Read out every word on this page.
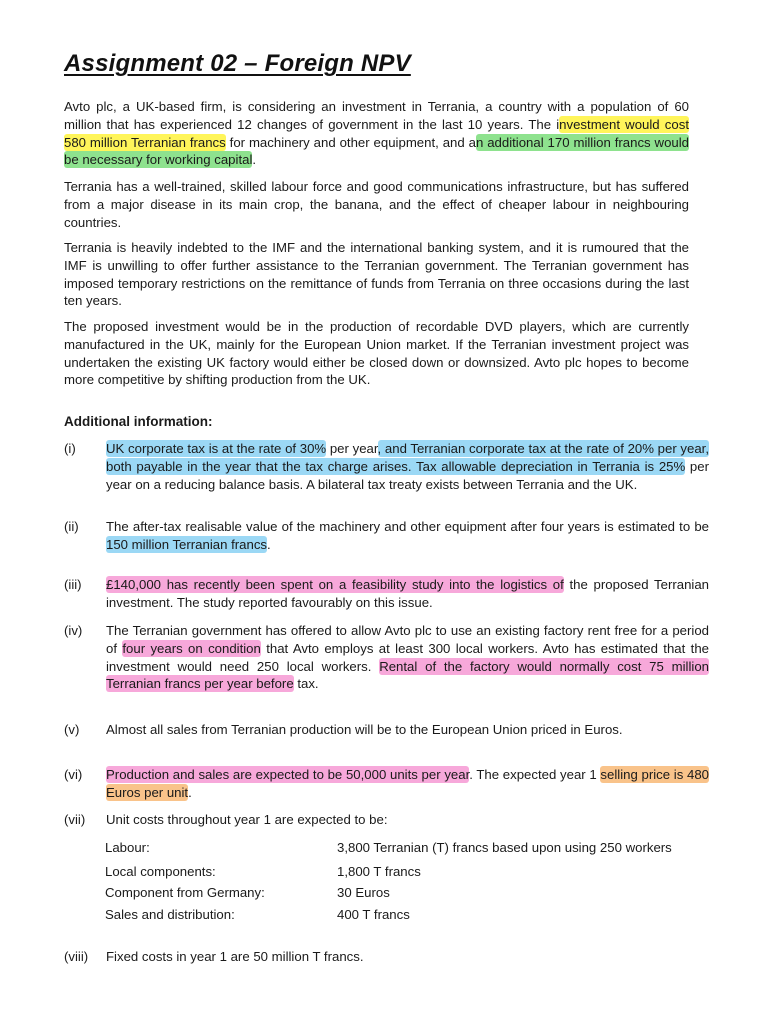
Assignment 02 – Foreign NPV

Avto plc, a UK-based firm, is considering an investment in Terrania, a country with a population of 60 million that has experienced 12 changes of government in the last 10 years. The investment would cost 580 million Terranian francs for machinery and other equipment, and an additional 170 million francs would be necessary for working capital.

Terrania has a well-trained, skilled labour force and good communications infrastructure, but has suffered from a major disease in its main crop, the banana, and the effect of cheaper labour in neighbouring countries.

Terrania is heavily indebted to the IMF and the international banking system, and it is rumoured that the IMF is unwilling to offer further assistance to the Terranian government. The Terranian government has imposed temporary restrictions on the remittance of funds from Terrania on three occasions during the last ten years.

The proposed investment would be in the production of recordable DVD players, which are currently manufactured in the UK, mainly for the European Union market. If the Terranian investment project was undertaken the existing UK factory would either be closed down or downsized. Avto plc hopes to become more competitive by shifting production from the UK.

Additional information:
(i) UK corporate tax is at the rate of 30% per year, and Terranian corporate tax at the rate of 20% per year, both payable in the year that the tax charge arises. Tax allowable depreciation in Terrania is 25% per year on a reducing balance basis. A bilateral tax treaty exists between Terrania and the UK.
(ii) The after-tax realisable value of the machinery and other equipment after four years is estimated to be 150 million Terranian francs.
(iii) £140,000 has recently been spent on a feasibility study into the logistics of the proposed Terranian investment. The study reported favourably on this issue.
(iv) The Terranian government has offered to allow Avto plc to use an existing factory rent free for a period of four years on condition that Avto employs at least 300 local workers. Avto has estimated that the investment would need 250 local workers. Rental of the factory would normally cost 75 million Terranian francs per year before tax.
(v) Almost all sales from Terranian production will be to the European Union priced in Euros.
(vi) Production and sales are expected to be 50,000 units per year. The expected year 1 selling price is 480 Euros per unit.
(vii) Unit costs throughout year 1 are expected to be:
Labour:	3,800 Terranian (T) francs based upon using 250 workers
Local components:	1,800 T francs
Component from Germany:	30 Euros
Sales and distribution:	400 T francs
(viii) Fixed costs in year 1 are 50 million T francs.
